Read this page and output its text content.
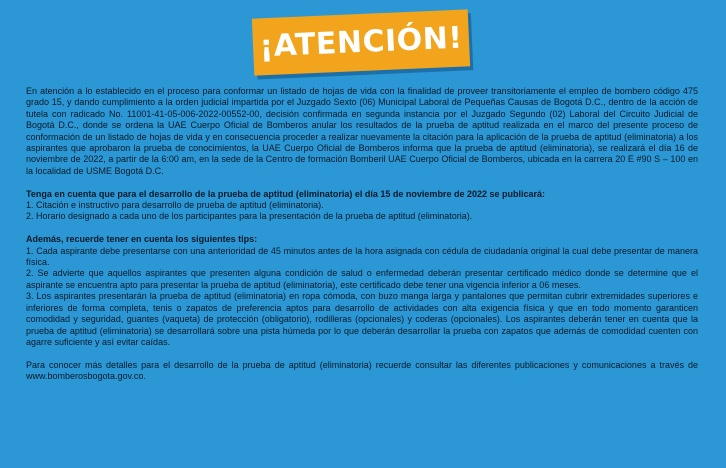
¡ATENCIÓN!

En atención a lo establecido en el proceso para conformar un listado de hojas de vida con la finalidad de proveer transitoriamente el empleo de bombero código 475 grado 15, y dando cumplimiento a la orden judicial impartida por el Juzgado Sexto (06) Municipal Laboral de Pequeñas Causas de Bogotá D.C., dentro de la acción de tutela con radicado No. 11001-41-05-006-2022-00552-00, decisión confirmada en segunda instancia por el Juzgado Segundo (02) Laboral del Circuito Judicial de Bogotá D.C., donde se ordena la UAE Cuerpo Oficial de Bomberos anular los resultados de la prueba de aptitud realizada en el marco del presente proceso de conformación de un listado de hojas de vida y en consecuencia proceder a realizar nuevamente la citación para la aplicación de la prueba de aptitud (eliminatoria) a los aspirantes que aprobaron la prueba de conocimientos, la UAE Cuerpo Oficial de Bomberos informa que la prueba de aptitud (eliminatoria), se realizará el día 16 de noviembre de 2022, a partir de la 6:00 am, en la sede de la Centro de formación Bomberil UAE Cuerpo Oficial de Bomberos, ubicada en la carrera 20 E #90 S – 100 en la localidad de USME Bogotá D.C.

Tenga en cuenta que para el desarrollo de la prueba de aptitud (eliminatoria) el día 15 de noviembre de 2022 se publicará:

1. Citación e instructivo para desarrollo de prueba de aptitud (eliminatoria).

2. Horario designado a cada uno de los participantes para la presentación de la prueba de aptitud (eliminatoria).

Además, recuerde tener en cuenta los siguientes tips:

1. Cada aspirante debe presentarse con una anterioridad de 45 minutos antes de la hora asignada con cédula de ciudadanía original la cual debe presentar de manera física.

2. Se advierte que aquellos aspirantes que presenten alguna condición de salud o enfermedad deberán presentar certificado médico donde se determine que el aspirante se encuentra apto para presentar la prueba de aptitud (eliminatoria), este certificado debe tener una vigencia inferior a 06 meses.

3. Los aspirantes presentarán la prueba de aptitud (eliminatoria) en ropa cómoda, con buzo manga larga y pantalones que permitan cubrir extremidades superiores e inferiores de forma completa, tenis o zapatos de preferencia aptos para desarrollo de actividades con alta exigencia física y que en todo momento garanticen comodidad y seguridad, guantes (vaqueta) de protección (obligatorio), rodilleras (opcionales) y coderas (opcionales). Los aspirantes deberán tener en cuenta que la prueba de aptitud (eliminatoria) se desarrollará sobre una pista húmeda por lo que deberán desarrollar la prueba con zapatos que además de comodidad cuenten con agarre suficiente y así evitar caídas.

Para conocer más detalles para el desarrollo de la prueba de aptitud (eliminatoria) recuerde consultar las diferentes publicaciones y comunicaciones a través de www.bomberosbogota.gov.co.
